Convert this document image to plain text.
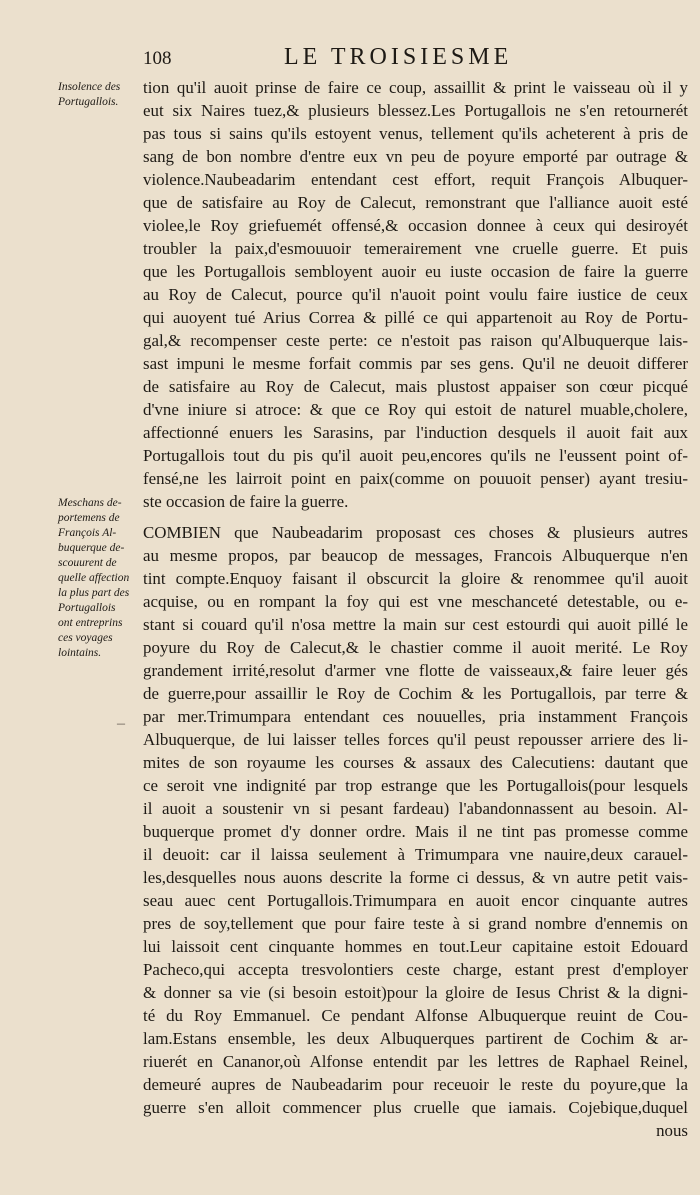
108	LE TROISIESME
Insolence des
Portugallois.
Meschans de-
portemens de
François Al-
buquerque de-
scouurent de
quelle affection
la plus part des
Portugallois
ont entreprins
ces voyages
lointains.
–
tion qu'il auoit prinse de faire ce coup, assaillit & print le vaisseau où il y
eut six Naires tuez,& plusieurs blessez.Les Portugallois ne s'en retournerét
pas tous si sains qu'ils estoyent venus, tellement qu'ils acheterent à pris de
sang de bon nombre d'entre eux vn peu de poyure emporté par outrage &
violence.Naubeadarim entendant cest effort, requit François Albuquer-
que de satisfaire au Roy de Calecut, remonstrant que l'alliance auoit esté
violee,le Roy griefuemét offensé,& occasion donnee à ceux qui desiroyét
troubler la paix,d'esmouuoir temerairement vne cruelle guerre. Et puis
que les Portugallois sembloyent auoir eu iuste occasion de faire la guerre
au Roy de Calecut, pource qu'il n'auoit point voulu faire iustice de ceux
qui auoyent tué Arius Correa & pillé ce qui appartenoit au Roy de Portu-
gal,& recompenser ceste perte: ce n'estoit pas raison qu'Albuquerque lais-
sast impuni le mesme forfait commis par ses gens. Qu'il ne deuoit differer
de satisfaire au Roy de Calecut, mais plustost appaiser son cœur picqué
d'vne iniure si atroce: & que ce Roy qui estoit de naturel muable,cholere,
affectionné enuers les Sarasins, par l'induction desquels il auoit fait aux
Portugallois tout du pis qu'il auoit peu,encores qu'ils ne l'eussent point of-
fensé,ne les lairroit point en paix(comme on pouuoit penser) ayant tresiu-
ste occasion de faire la guerre.
COMBIEN que Naubeadarim proposast ces choses & plusieurs autres
au mesme propos, par beaucop de messages, Francois Albuquerque n'en
tint compte.Enquoy faisant il obscurcit la gloire & renommee qu'il auoit
acquise, ou en rompant la foy qui est vne meschanceté detestable, ou e-
stant si couard qu'il n'osa mettre la main sur cest estourdi qui auoit pillé le
poyure du Roy de Calecut,& le chastier comme il auoit merité. Le Roy
grandement irrité,resolut d'armer vne flotte de vaisseaux,& faire leuer gés
de guerre,pour assaillir le Roy de Cochim & les Portugallois, par terre &
par mer.Trimumpara entendant ces nouuelles, pria instamment François
Albuquerque, de lui laisser telles forces qu'il peust repousser arriere des li-
mites de son royaume les courses & assaux des Calecutiens: dautant que
ce seroit vne indignité par trop estrange que les Portugallois(pour lesquels
il auoit a soustenir vn si pesant fardeau) l'abandonnassent au besoin. Al-
buquerque promet d'y donner ordre. Mais il ne tint pas promesse comme
il deuoit: car il laissa seulement à Trimumpara vne nauire,deux carauel-
les,desquelles nous auons descrite la forme ci dessus, & vn autre petit vais-
seau auec cent Portugallois.Trimumpara en auoit encor cinquante autres
pres de soy,tellement que pour faire teste à si grand nombre d'ennemis on
lui laissoit cent cinquante hommes en tout.Leur capitaine estoit Edouard
Pacheco,qui accepta tresvolontiers ceste charge, estant prest d'employer
& donner sa vie (si besoin estoit)pour la gloire de Iesus Christ & la digni-
té du Roy Emmanuel. Ce pendant Alfonse Albuquerque reuint de Cou-
lam.Estans ensemble, les deux Albuquerques partirent de Cochim & ar-
riuerét en Cananor,où Alfonse entendit par les lettres de Raphael Reinel,
demeuré aupres de Naubeadarim pour receuoir le reste du poyure,que la
guerre s'en alloit commencer plus cruelle que iamais. Cojebique,duquel
nous
